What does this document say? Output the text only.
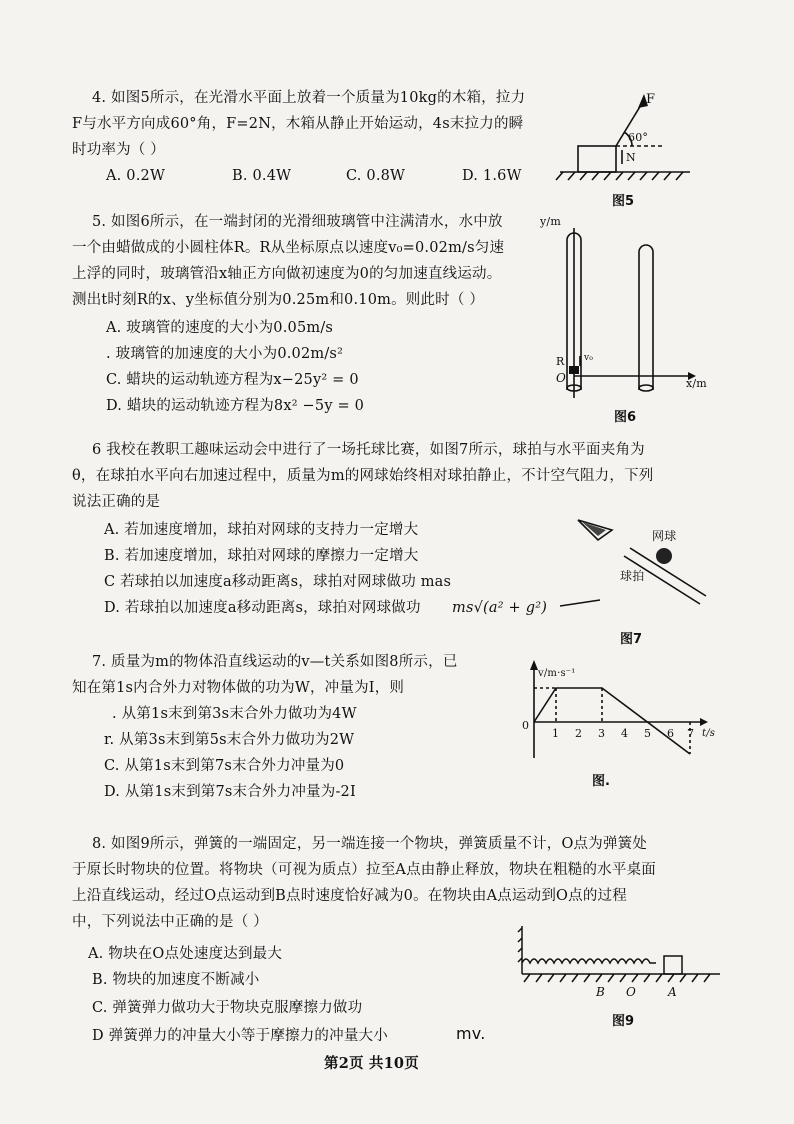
4. 如图5所示，在光滑水平面上放着一个质量为10kg的木箱，拉力
F与水平方向成60°角，F=2N，木箱从静止开始运动，4s末拉力的瞬
时功率为（ ）
A. 0.2W	B. 0.4W	C. 0.8W	D. 1.6W
F
60°
N
图5
5. 如图6所示，在一端封闭的光滑细玻璃管中注满清水，水中放
一个由蜡做成的小圆柱体R。R从坐标原点以速度v₀=0.02m/s匀速
上浮的同时，玻璃管沿x轴正方向做初速度为0的匀加速直线运动。
测出t时刻R的x、y坐标值分别为0.25m和0.10m。则此时（ ）
A. 玻璃管的速度的大小为0.05m/s
. 玻璃管的加速度的大小为0.02m/s²
C. 蜡块的运动轨迹方程为x−25y² = 0
D. 蜡块的运动轨迹方程为8x² −5y = 0
y/m
x/m
O
R v₀
图6
6 我校在教职工趣味运动会中进行了一场托球比赛，如图7所示，球拍与水平面夹角为
θ，在球拍水平向右加速过程中，质量为m的网球始终相对球拍静止，不计空气阻力，下列
说法正确的是
A. 若加速度增加，球拍对网球的支持力一定增大
B. 若加速度增加，球拍对网球的摩擦力一定增大
C 若球拍以加速度a移动距离s，球拍对网球做功 mas
D. 若球拍以加速度a移动距离s，球拍对网球做功 ms√(a² + g²)
网球
球拍
图7
7. 质量为m的物体沿直线运动的v—t关系如图8所示，已
知在第1s内合外力对物体做的功为W，冲量为I，则
. 从第1s末到第3s末合外力做功为4W
r. 从第3s末到第5s末合外力做功为2W
C. 从第1s末到第7s末合外力冲量为0
D. 从第1s末到第7s末合外力冲量为-2I
v/m·s⁻¹
t/s
0
1 2 3 4 5 6 7
图.
8. 如图9所示，弹簧的一端固定，另一端连接一个物块，弹簧质量不计，O点为弹簧处
于原长时物块的位置。将物块（可视为质点）拉至A点由静止释放，物块在粗糙的水平桌面
上沿直线运动，经过O点运动到B点时速度恰好减为0。在物块由A点运动到O点的过程
中，下列说法中正确的是（ ）
A. 物块在O点处速度达到最大
B. 物块的加速度不断减小
C. 弹簧弹力做功大于物块克服摩擦力做功
D 弹簧弹力的冲量大小等于摩擦力的冲量大小	mv.
B O	A
图9
第2页 共10页
